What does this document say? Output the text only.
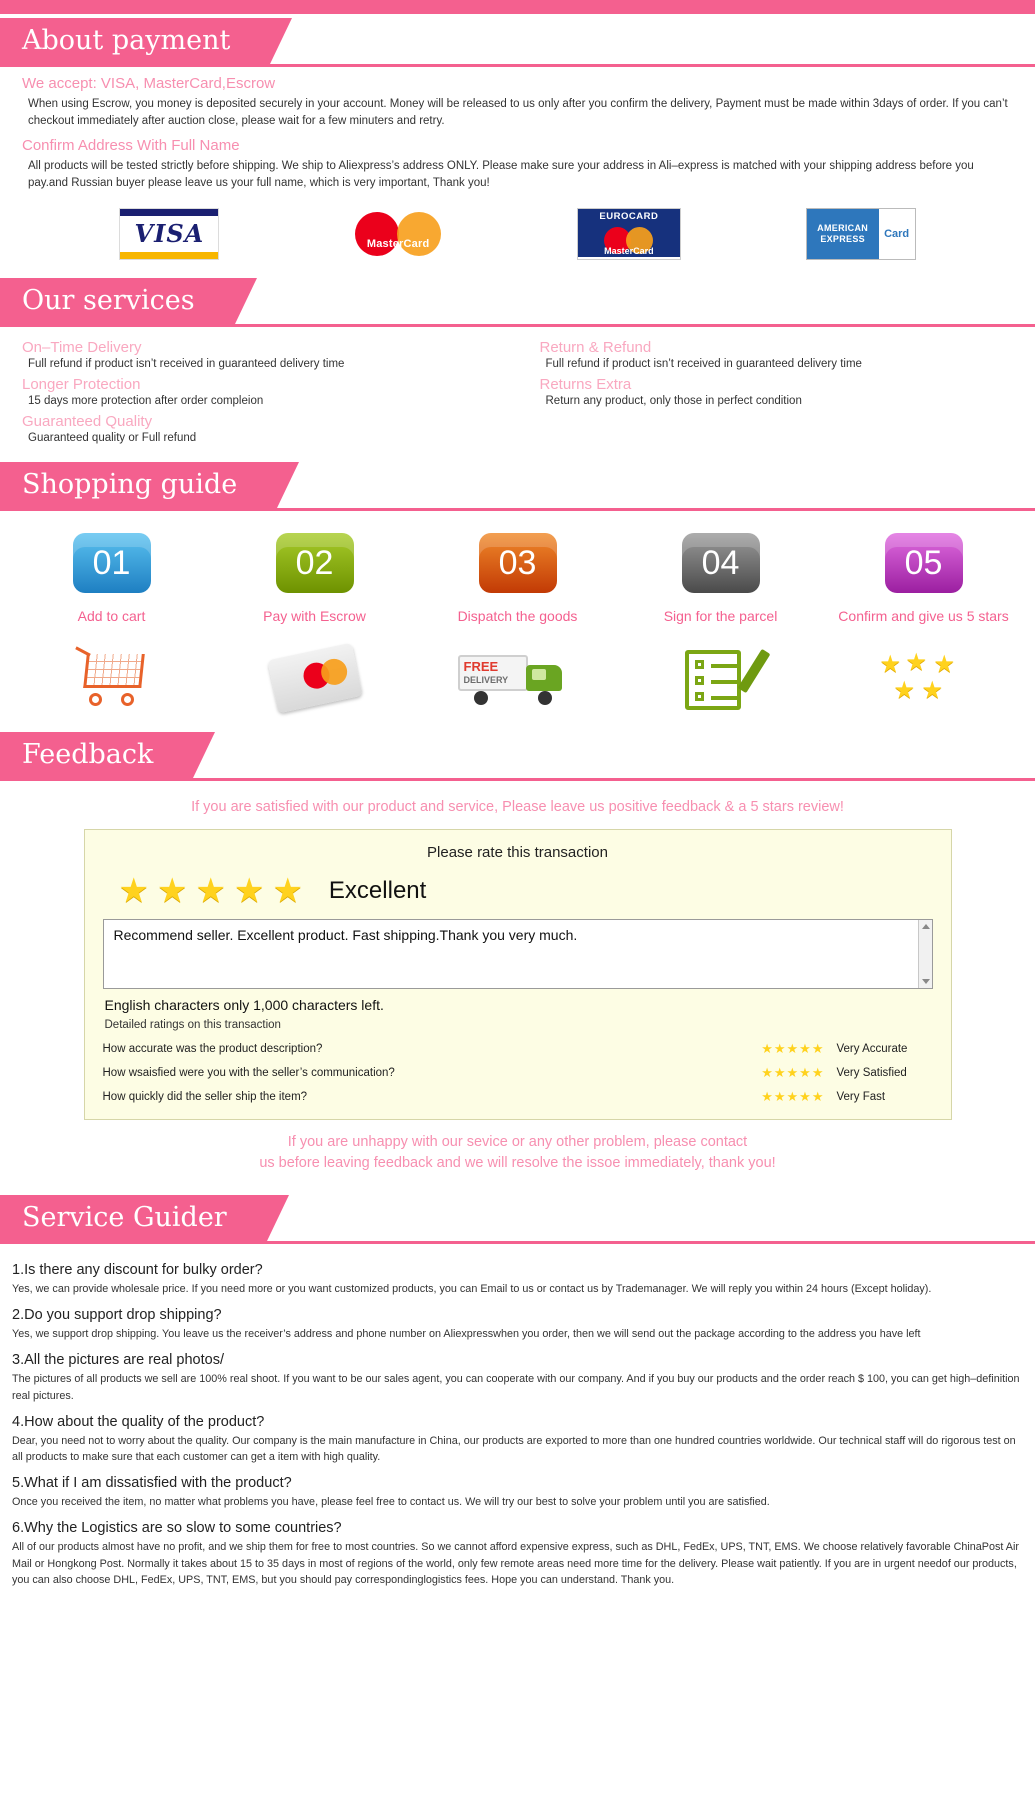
About payment
We accept: VISA, MasterCard,Escrow
When using Escrow, you money is deposited securely in your account. Money will be released to us only after you confirm the delivery, Payment must be made within 3days of order. If you can’t checkout immediately after auction close, please wait for a few minuters and retry.
Confirm Address With Full Name
All products will be tested strictly before shipping. We ship to Aliexpress’s address ONLY. Please make sure your address in Ali–express is matched with your shipping address before you pay.and Russian buyer please leave us your full name, which is very important, Thank you!
VISA	MasterCard
EUROCARD
MasterCard
AMERICAN
EXPRESS	Card
Our services
On–Time Delivery
Full refund if product isn’t received in guaranteed delivery time
Longer Protection
15 days more protection after order compleion
Guaranteed Quality
Guaranteed quality or Full refund
Return & Refund
Full refund if product isn’t received in guaranteed delivery time
Returns Extra
Return any product, only those in perfect condition
Shopping guide
01
Add to cart
02
Pay with Escrow
03
Dispatch the goods
FREE
DELIVERY
04
Sign for the parcel
05
Confirm and give us 5 stars
★ ★ ★
★ ★
Feedback
If you are satisfied with our product and service, Please leave us positive feedback & a 5 stars review!
Please rate this transaction
★ ★ ★ ★ ★ Excellent
Recommend seller. Excellent product. Fast shipping.Thank you very much.
English characters only 1,000 characters left.
Detailed ratings on this transaction
How accurate was the product description?	★★★★★ Very Accurate
How wsaisfied were you with the seller’s communication?	★★★★★ Very Satisfied
How quickly did the seller ship the item?	★★★★★ Very Fast
If you are unhappy with our sevice or any other problem, please contact
us before leaving feedback and we will resolve the issoe immediately, thank you!
Service Guider
1.Is there any discount for bulky order?

Yes, we can provide wholesale price. If you need more or you want customized products, you can Email to us or contact us by Trademanager. We will reply you within 24 hours (Except holiday).

2.Do you support drop shipping?

Yes, we support drop shipping. You leave us the receiver’s address and phone number on Aliexpresswhen you order, then we will send out the package according to the address you have left

3.All the pictures are real photos/

The pictures of all products we sell are 100% real shoot. If you want to be our sales agent, you can cooperate with our company. And if you buy our products and the order reach $ 100, you can get high–definition real pictures.

4.How about the quality of the product?

Dear, you need not to worry about the quality. Our company is the main manufacture in China, our products are exported to more than one hundred countries worldwide. Our technical staff will do rigorous test on all products to make sure that each customer can get a item with high quality.

5.What if I am dissatisfied with the product?

Once you received the item, no matter what problems you have, please feel free to contact us. We will try our best to solve your problem until you are satisfied.

6.Why the Logistics are so slow to some countries?

All of our products almost have no profit, and we ship them for free to most countries. So we cannot afford expensive express, such as DHL, FedEx, UPS, TNT, EMS. We choose relatively favorable ChinaPost Air Mail or Hongkong Post. Normally it takes about 15 to 35 days in most of regions of the world, only few remote areas need more time for the delivery. Please wait patiently. If you are in urgent needof our products, you can also choose DHL, FedEx, UPS, TNT, EMS, but you should pay correspondinglogistics fees. Hope you can understand. Thank you.
